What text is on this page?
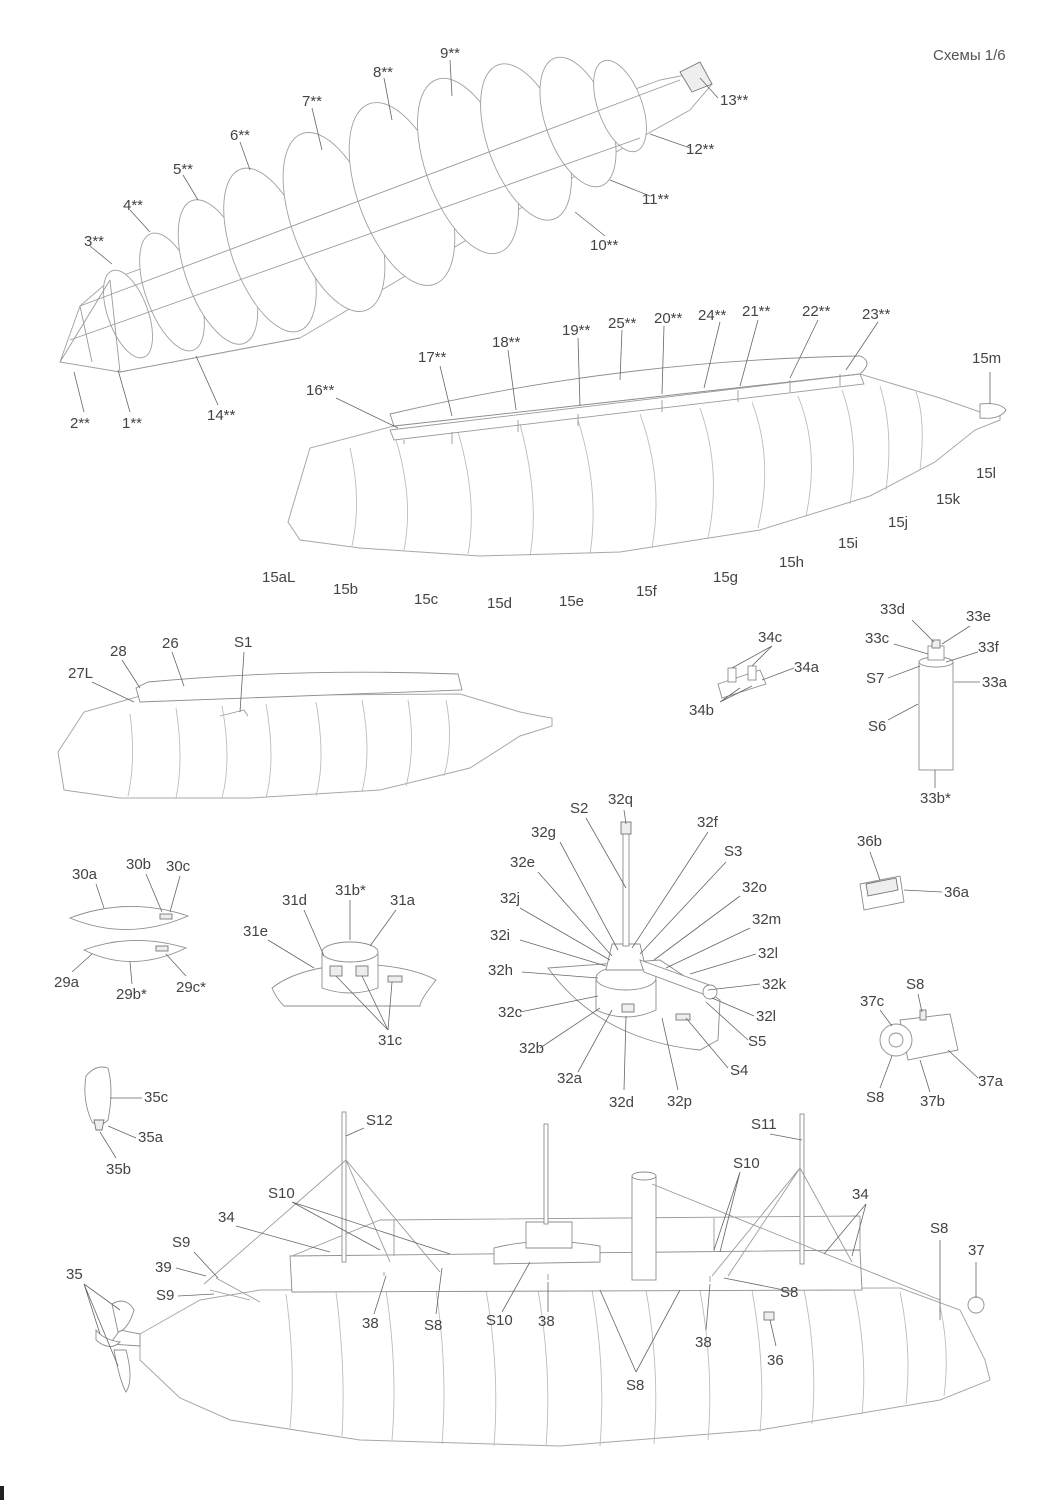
Схемы 1/6
1**
2**
3**
4**
5**
6**
7**
8**
9**
10**
11**
12**
13**
14**
15aL
15b
15c	15d	15e
15f
15g
15h
15i
15j
15k
15l
15m
16**
17**
18**
19**
20**	21** 22** 23**
24**
25**
26
27L
28
S1	34c
34a
34b
33d	33e
33c
33f
S7	33a
S6
33b*
30a
30b 30c
29a
29b* 29c*
31b*
31d	31a
31e
31c
32q
S2
32g
32f
32e
S3
32j
32o
32i
32m
32h
32l
32k
32c	32l
S5
32b
S4
32a
32d 32p
36b
36a
S8
37c
37a
S8 37b
35c
35a
35b
S12	S11
S10
S10
S10
34
34
S9
39
S9
35
38	S8	38
38
36
S8
S8
S8
37
